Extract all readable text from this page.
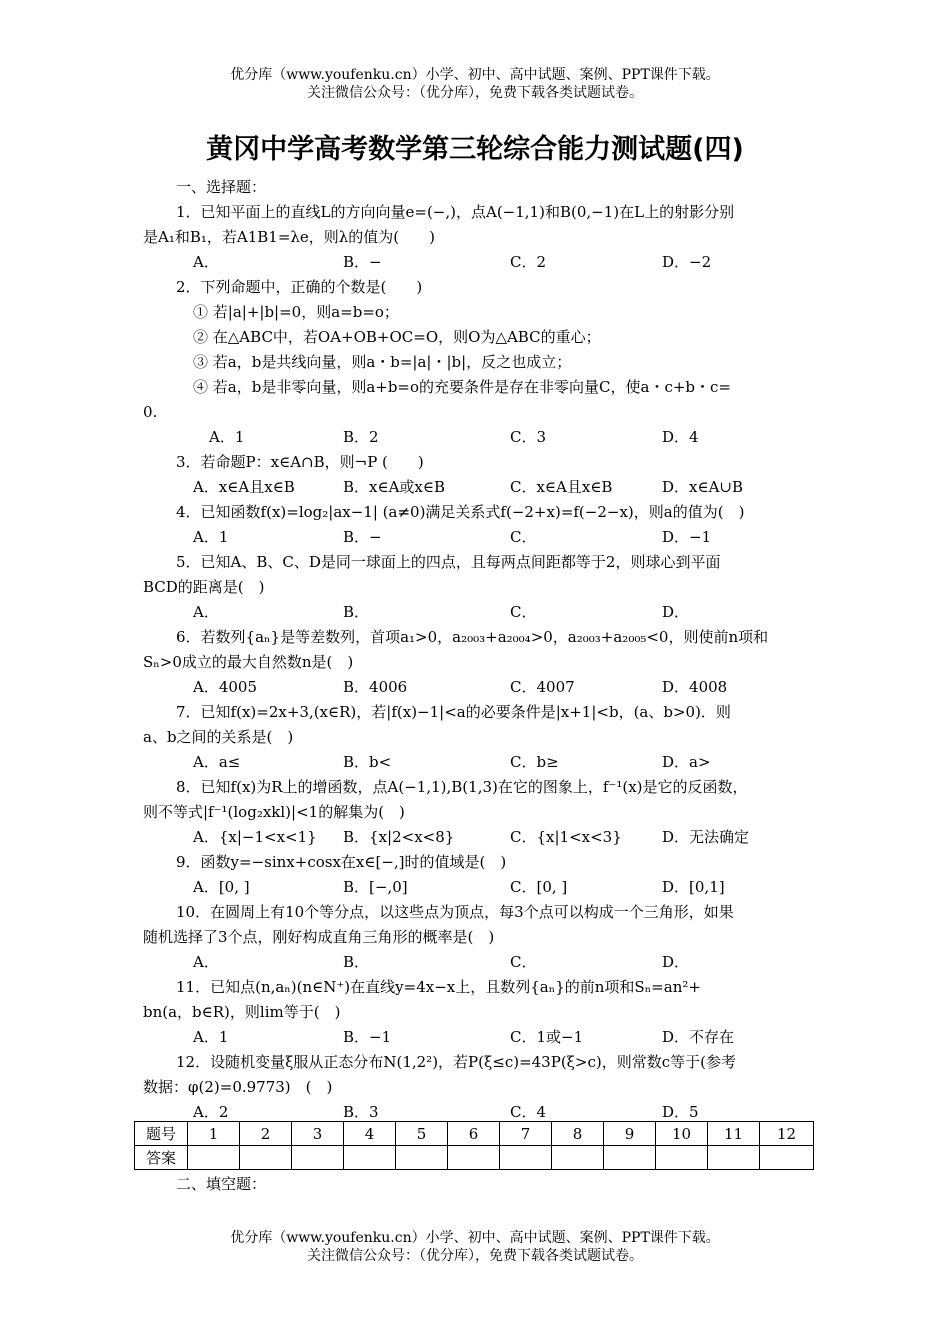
优分库（www.youfenku.cn）小学、初中、高中试题、案例、PPT课件下载。
关注微信公众号：（优分库），免费下载各类试题试卷。
黄冈中学高考数学第三轮综合能力测试题(四)
一、选择题：
1．已知平面上的直线L的方向向量e=(−,)，点A(−1,1)和B(0,−1)在L上的射影分别
是A₁和B₁，若A1B1=λe，则λ的值为(　　)
A．	B．−	C．2	D．−2
2．下列命题中，正确的个数是(　　)
① 若|a|+|b|=0，则a=b=o；
② 在△ABC中，若OA+OB+OC=O，则O为△ABC的重心；
③ 若a，b是共线向量，则a・b=|a|・|b|，反之也成立；
④ 若a，b是非零向量，则a+b=o的充要条件是存在非零向量C，使a・c+b・c=
0.
A．1	B．2	C．3	D．4
3．若命题P：x∈A∩B，则¬P (　　)
A．x∈A且x∈B	B．x∈A或x∈B	C．x∈A且x∈B	D．x∈A∪B
4．已知函数f(x)=log₂|ax−1| (a≠0)满足关系式f(−2+x)=f(−2−x)，则a的值为(　)
A．1	B．−	C．	D．−1
5．已知A、B、C、D是同一球面上的四点，且每两点间距都等于2，则球心到平面
BCD的距离是(　)
A．	B．	C．	D．
6．若数列{aₙ}是等差数列，首项a₁>0，a₂₀₀₃+a₂₀₀₄>0，a₂₀₀₃+a₂₀₀₅<0，则使前n项和
Sₙ>0成立的最大自然数n是(　)
A．4005	B．4006	C．4007	D．4008
7．已知f(x)=2x+3,(x∈R)，若|f(x)−1|<a的必要条件是|x+1|<b，(a、b>0)．则
a、b之间的关系是(　)
A．a≤	B．b<	C．b≥	D．a>
8．已知f(x)为R上的增函数，点A(−1,1),B(1,3)在它的图象上，f⁻¹(x)是它的反函数，
则不等式|f⁻¹(log₂xkl)|<1的解集为(　)
A．{x|−1<x<1}	B．{x|2<x<8}	C．{x|1<x<3}	D．无法确定
9．函数y=−sinx+cosx在x∈[−,]时的值域是(　)
A．[0, ]	B．[−,0]	C．[0, ]	D．[0,1]
10．在圆周上有10个等分点，以这些点为顶点，每3个点可以构成一个三角形，如果
随机选择了3个点，刚好构成直角三角形的概率是(　)
A．	B．	C．	D．
11．已知点(n,aₙ)(n∈N⁺)在直线y=4x−x上，且数列{aₙ}的前n项和Sₙ=an²+
bn(a，b∈R)，则lim等于(　)
A．1	B．−1	C．1或−1	D．不存在
12．设随机变量ξ服从正态分布N(1,2²)，若P(ξ≤c)=43P(ξ>c)，则常数c等于(参考
数据：φ(2)=0.9773)　(　)
A．2	B．3	C．4	D．5
题号	1	2	3	4	5	6	7	8	9	10	11	12
答案												
二、填空题：
优分库（www.youfenku.cn）小学、初中、高中试题、案例、PPT课件下载。
关注微信公众号：（优分库），免费下载各类试题试卷。
